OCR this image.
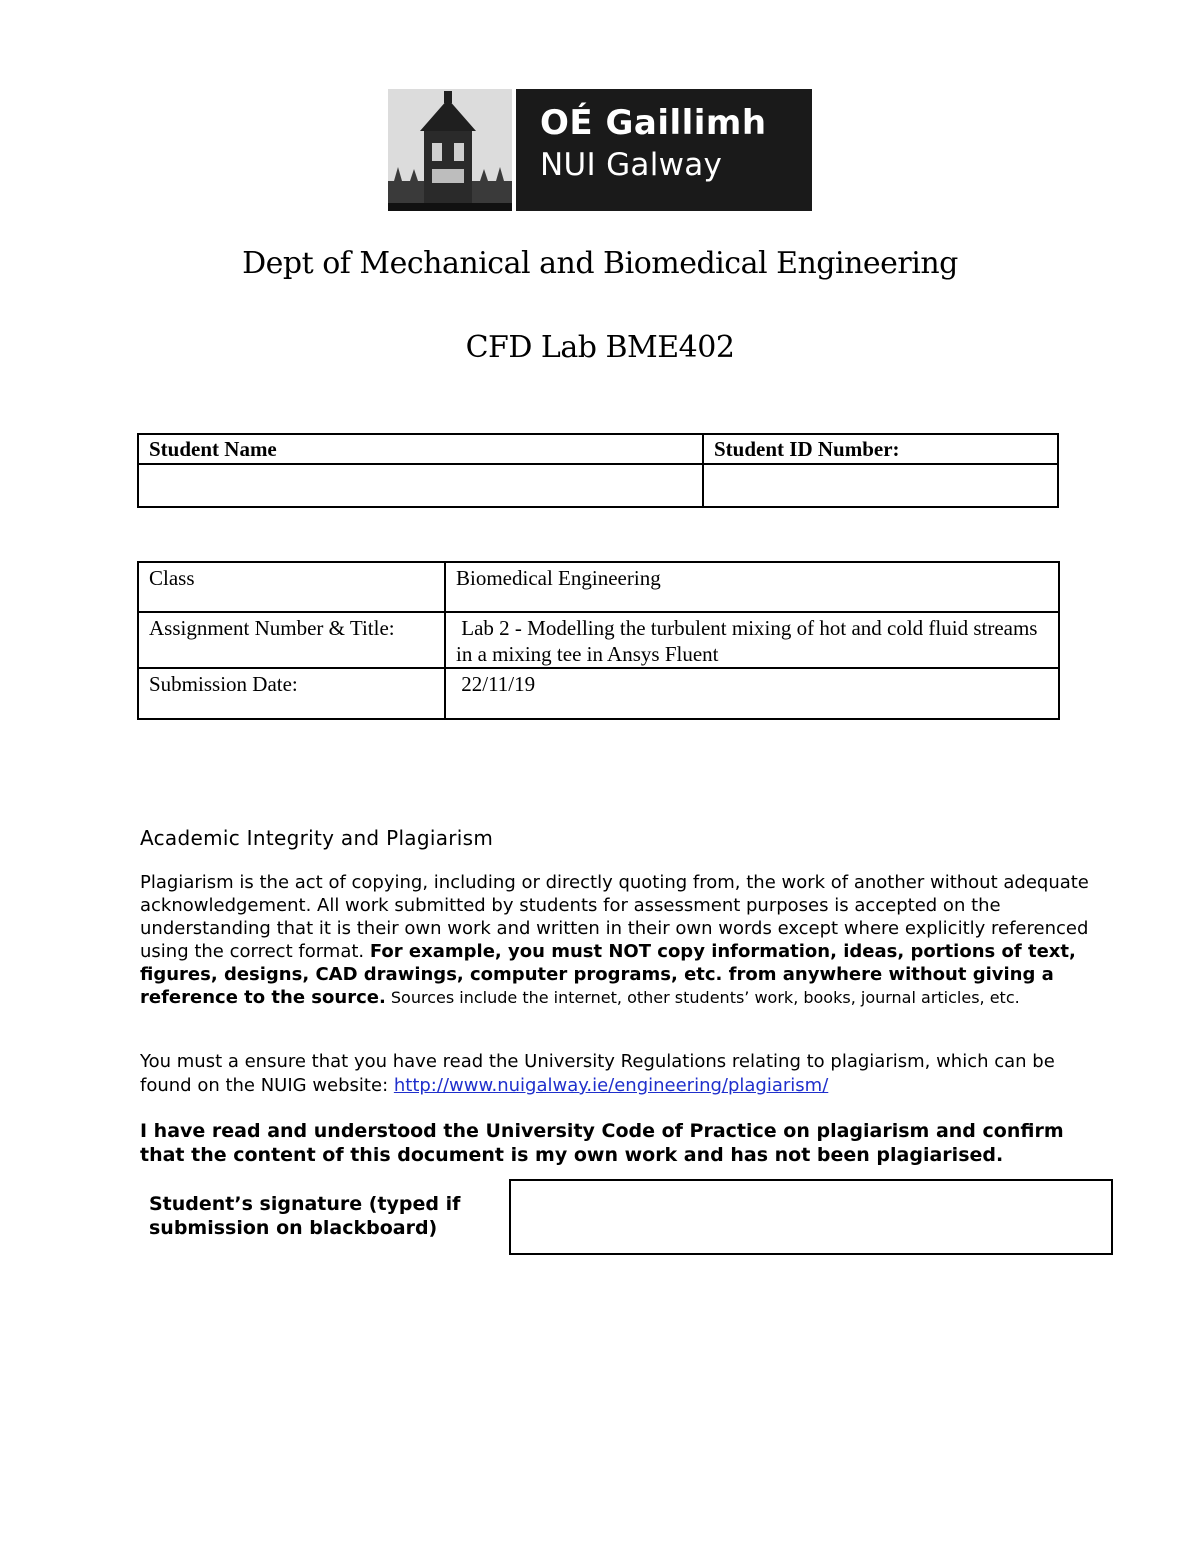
OÉ Gaillimh
NUI Galway
Dept of Mechanical and Biomedical Engineering
CFD Lab BME402
Student Name	Student ID Number:

Class	Biomedical Engineering
Assignment Number & Title:	Lab 2 - Modelling the turbulent mixing of hot and cold fluid streams in a mixing tee in Ansys Fluent
Submission Date:	22/11/19
Academic Integrity and Plagiarism
Plagiarism is the act of copying, including or directly quoting from, the work of another without adequate acknowledgement. All work submitted by students for assessment purposes is accepted on the understanding that it is their own work and written in their own words except where explicitly referenced using the correct format. For example, you must NOT copy information, ideas, portions of text, figures, designs, CAD drawings, computer programs, etc. from anywhere without giving a reference to the source. Sources include the internet, other students’ work, books, journal articles, etc.
You must a ensure that you have read the University Regulations relating to plagiarism, which can be found on the NUIG website: http://www.nuigalway.ie/engineering/plagiarism/
I have read and understood the University Code of Practice on plagiarism and confirm that the content of this document is my own work and has not been plagiarised.
Student’s signature (typed if submission on blackboard)
